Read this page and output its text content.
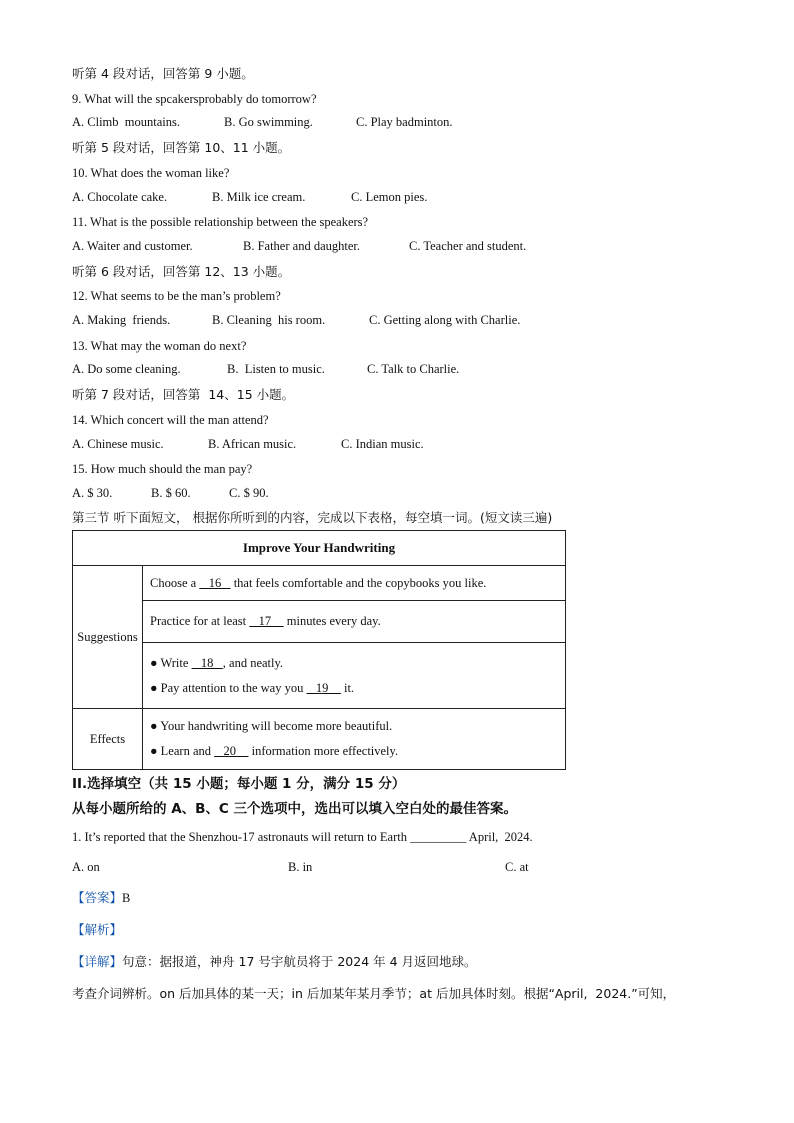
听第 4 段对话，回答第 9 小题。
9. What will the spcakersprobably do tomorrow?
A. Climb  mountains.	B. Go swimming.	C. Play badminton.
听第 5 段对话，回答第 10、11 小题。
10. What does the woman like?
A. Chocolate cake.	B. Milk ice cream.	C. Lemon pies.
11. What is the possible relationship between the speakers?
A. Waiter and customer.	B. Father and daughter.	C. Teacher and student.
听第 6 段对话，回答第 12、13 小题。
12. What seems to be the man’s problem?
A. Making  friends.	B. Cleaning  his room.	C. Getting along with Charlie.
13. What may the woman do next?
A. Do some cleaning.	B.  Listen to music.	C. Talk to Charlie.
听第 7 段对话，回答第  14、15 小题。
14. Which concert will the man attend?
A. Chinese music.	B. African music.	C. Indian music.
15. How much should the man pay?
A. $ 30.	B. $ 60.	C. $ 90.
第三节 听下面短文， 根据你所听到的内容，完成以下表格，每空填一词。(短文读三遍)
Improve Your Handwriting	
Suggestions	Choose a    16    that feels comfortable and the copybooks you like.
	Practice for at least    17     minutes every day.

	● Write    18   , and neatly.
● Pay attention to the way you    19     it.

Effects	● Your handwriting will become more beautiful.
● Learn and    20     information more effectively.
II.选择填空（共 15 小题；每小题 1 分，满分 15 分）
从每小题所给的 A、B、C 三个选项中，选出可以填入空白处的最佳答案。
1. It’s reported that the Shenzhou-17 astronauts will return to Earth _________ April,  2024.
A. on	B. in	C. at
【答案】B
【解析】
【详解】句意：据报道，神舟 17 号宇航员将于 2024 年 4 月返回地球。
考查介词辨析。on 后加具体的某一天；in 后加某年某月季节；at 后加具体时刻。根据“April,  2024.”可知，
